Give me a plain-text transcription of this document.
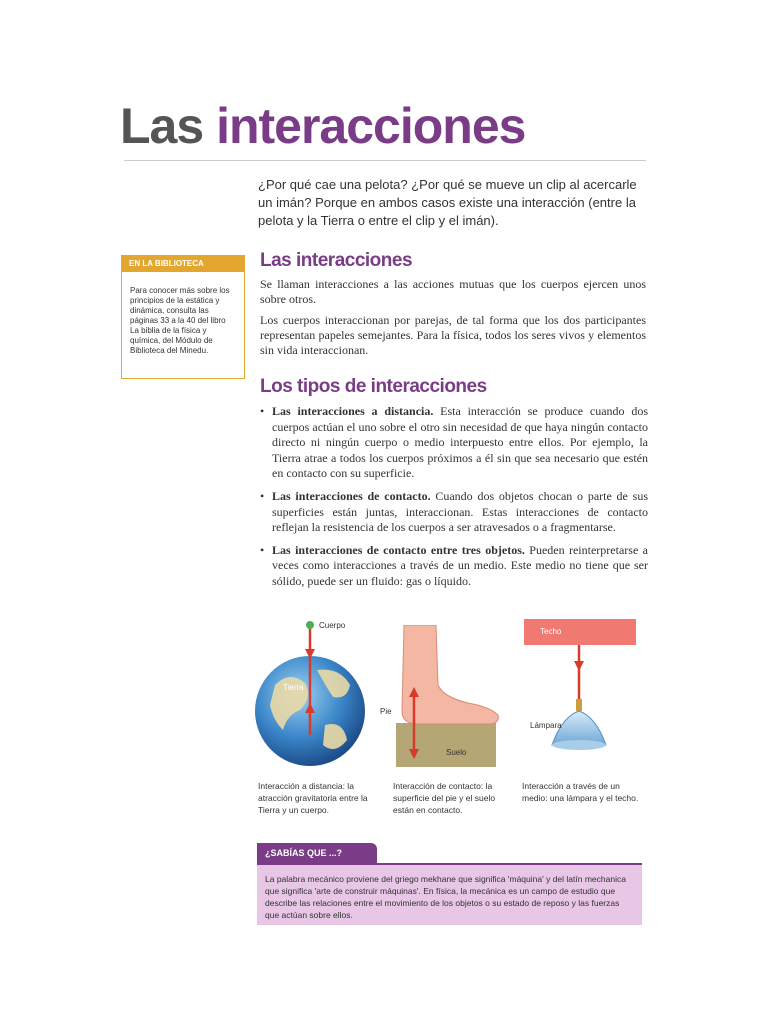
Las interacciones

¿Por qué cae una pelota? ¿Por qué se mueve un clip al acercarle un imán? Porque en ambos casos existe una interacción (entre la pelota y la Tierra o entre el clip y el imán).

EN LA BIBLIOTECA
Para conocer más sobre los principios de la estática y dinámica, consulta las páginas 33 a la 40 del libro La biblia de la física y química, del Módulo de Biblioteca del Minedu.
Las interacciones

Se llaman interacciones a las acciones mutuas que los cuerpos ejercen unos sobre otros.

Los cuerpos interaccionan por parejas, de tal forma que los dos participantes representan papeles semejantes. Para la física, todos los seres vivos y elementos sin vida interaccionan.

Los tipos de interacciones
• Las interacciones a distancia. Esta interacción se produce cuando dos cuerpos actúan el uno sobre el otro sin necesidad de que haya ningún contacto directo ni ningún cuerpo o medio interpuesto entre ellos. Por ejemplo, la Tierra atrae a todos los cuerpos próximos a él sin que sea necesario que estén en contacto con su superficie.
• Las interacciones de contacto. Cuando dos objetos chocan o parte de sus superficies están juntas, interaccionan. Estas interacciones de contacto reflejan la resistencia de los cuerpos a ser atravesados o a fragmentarse.
• Las interacciones de contacto entre tres objetos. Pueden reinterpretarse a veces como interacciones a través de un medio. Este medio no tiene que ser sólido, puede ser un fluido: gas o líquido.
Cuerpo
Tierra
Interacción a distancia: la atracción gravitatoria entre la Tierra y un cuerpo.
Pie
Suelo
Interacción de contacto: la superficie del pie y el suelo están en contacto.
Techo
Lámpara
Interacción a través de un medio: una lámpara y el techo.
¿SABÍAS QUE ...?
La palabra mecánico proviene del griego mekhane que significa 'máquina' y del latín mechanica que significa 'arte de construir máquinas'. En física, la mecánica es un campo de estudio que describe las relaciones entre el movimiento de los objetos o su estado de reposo y las fuerzas que actúan sobre ellos.
